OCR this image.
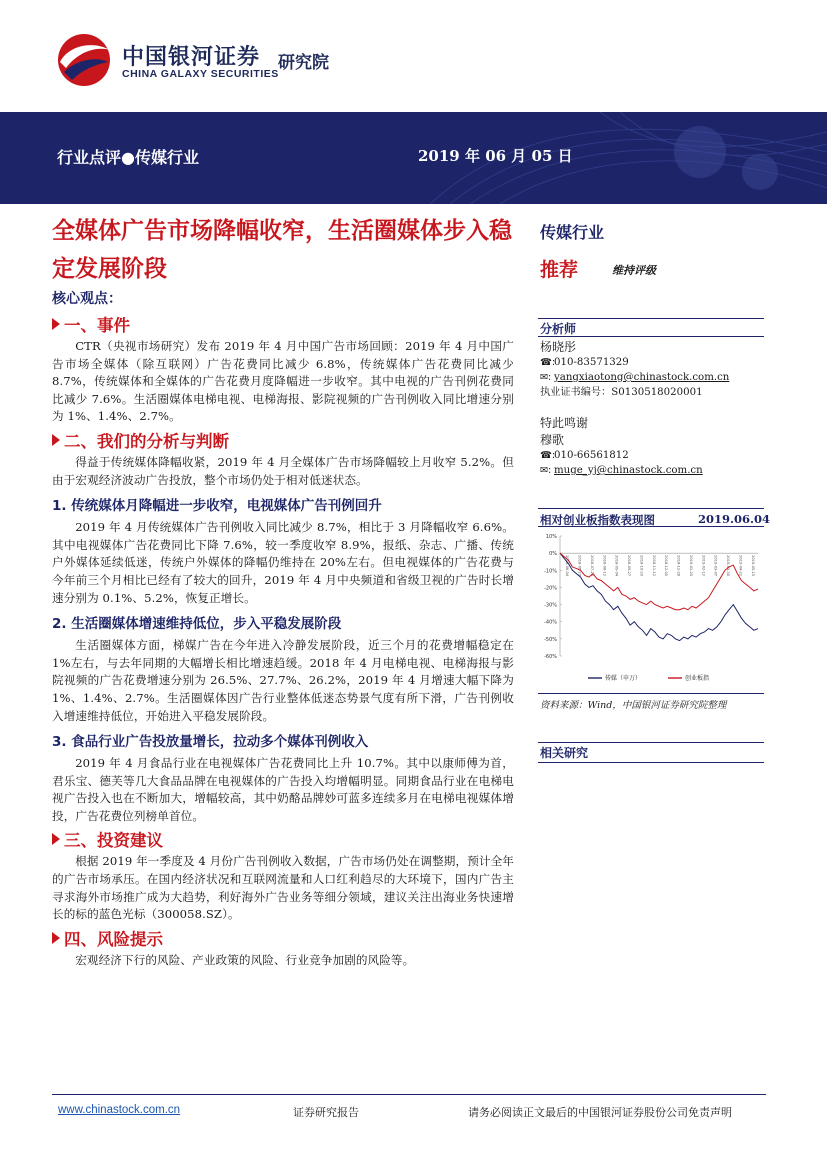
中国银河证券
CHINA GALAXY SECURITIES
研究院
行业点评●传媒行业	2019 年 06 月 05 日
全媒体广告市场降幅收窄，生活圈媒体步入稳定发展阶段
核心观点：
一、事件

CTR（央视市场研究）发布 2019 年 4 月中国广告市场回顾：2019 年 4 月中国广告市场全媒体（除互联网）广告花费同比减少 6.8%，传统媒体广告花费同比减少 8.7%，传统媒体和全媒体的广告花费月度降幅进一步收窄。其中电视的广告刊例花费同比减少 7.6%。生活圈媒体电梯电视、电梯海报、影院视频的广告刊例收入同比增速分别为 1%、1.4%、2.7%。

二、我们的分析与判断

得益于传统媒体降幅收紧，2019 年 4 月全媒体广告市场降幅较上月收窄 5.2%。但由于宏观经济波动广告投放，整个市场仍处于相对低迷状态。

1. 传统媒体月降幅进一步收窄，电视媒体广告刊例回升

2019 年 4 月传统媒体广告刊例收入同比减少 8.7%，相比于 3 月降幅收窄 6.6%。其中电视媒体广告花费同比下降 7.6%，较一季度收窄 8.9%，报纸、杂志、广播、传统户外媒体延续低迷，传统户外媒体的降幅仍维持在 20%左右。但电视媒体的广告花费与今年前三个月相比已经有了较大的回升，2019 年 4 月中央频道和省级卫视的广告时长增速分别为 0.1%、5.2%，恢复正增长。

2. 生活圈媒体增速维持低位，步入平稳发展阶段

生活圈媒体方面，梯媒广告在今年进入冷静发展阶段，近三个月的花费增幅稳定在 1%左右，与去年同期的大幅增长相比增速趋缓。2018 年 4 月电梯电视、电梯海报与影院视频的广告花费增速分别为 26.5%、27.7%、26.2%，2019 年 4 月增速大幅下降为 1%、1.4%、2.7%。生活圈媒体因广告行业整体低迷态势景气度有所下滑，广告刊例收入增速维持低位，开始进入平稳发展阶段。

3. 食品行业广告投放量增长，拉动多个媒体刊例收入

2019 年 4 月食品行业在电视媒体广告花费同比上升 10.7%。其中以康师傅为首，君乐宝、德芙等几大食品品牌在电视媒体的广告投入均增幅明显。同期食品行业在电梯电视广告投入也在不断加大，增幅较高，其中奶酪品牌妙可蓝多连续多月在电梯电视媒体增投，广告花费位列榜单首位。

三、投资建议

根据 2019 年一季度及 4 月份广告刊例收入数据，广告市场仍处在调整期，预计全年的广告市场承压。在国内经济状况和互联网流量和人口红利趋尽的大环境下，国内广告主寻求海外市场推广成为大趋势，利好海外广告业务等细分领域，建议关注出海业务快速增长的标的蓝色光标（300058.SZ）。

四、风险提示

宏观经济下行的风险、产业政策的风险、行业竞争加剧的风险等。

传媒行业
推荐	维持评级
分析师
杨晓彤
☎:010-83571329
✉: yangxiaotong@chinastock.com.cn
执业证书编号：S0130518020001
特此鸣谢
穆歌
☎:010-66561812
✉: muge_yj@chinastock.com.cn
相对创业板指数表现图	2019.06.04
10%
0%
-10%
-20%
-30%
-40%
-50%
-60%
2018-06-04 2018-06-27 2018-07-20 2018-08-12 2018-09-04 2018-09-27 2018-10-20 2018-11-12 2018-12-05 2018-12-28 2019-01-20 2019-02-12 2019-03-07 2019-03-30 2019-04-22 2019-05-15
传媒（申万）	创业板指
资料来源：Wind，中国银河证券研究院整理
相关研究
www.chinastock.com.cn	证券研究报告	请务必阅读正文最后的中国银河证券股份公司免责声明
